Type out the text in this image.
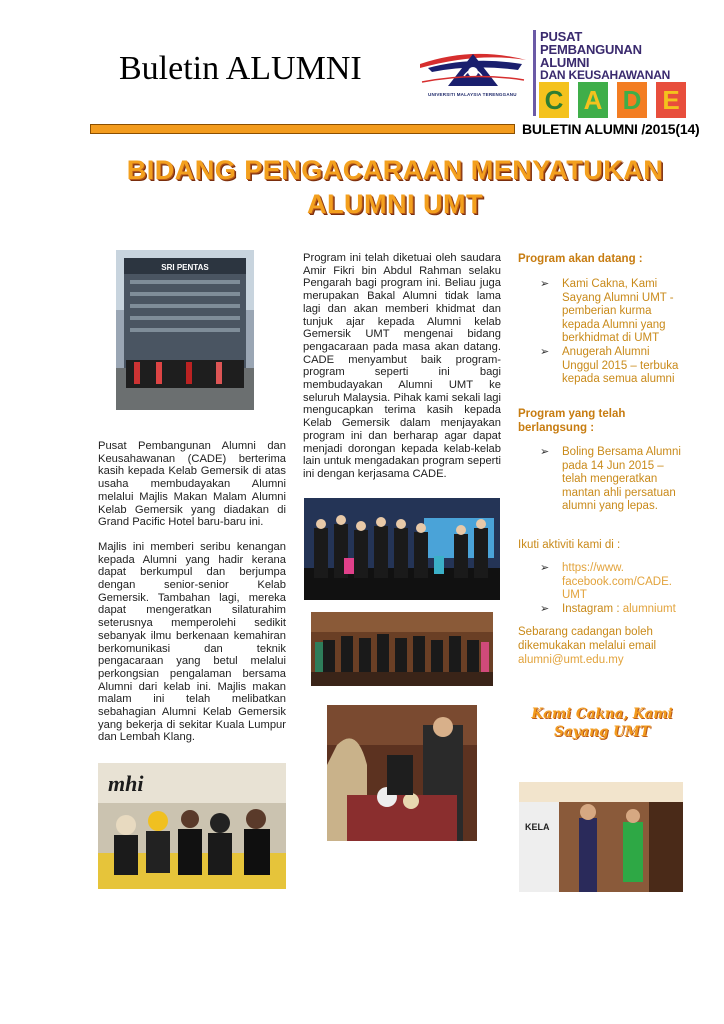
Buletin ALUMNI
UNIVERSITI MALAYSIA TERENGGANU
PUSAT
PEMBANGUNAN
ALUMNI
DAN KEUSAHAWANAN
C A D E
BULETIN ALUMNI /2015(14)
BIDANG PENGACARAAN MENYATUKAN
ALUMNI UMT
SRI PENTAS

Pusat Pembangunan Alumni dan Keusahawanan (CADE) berterima kasih kepada Kelab Gemersik di atas usaha membudayakan Alumni melalui Majlis Makan Malam Alumni Kelab Gemersik yang diadakan di Grand Pacific Hotel baru-baru ini.

Majlis ini memberi seribu kenangan kepada Alumni yang hadir kerana dapat berkumpul dan berjumpa dengan senior-senior Kelab Gemersik. Tambahan lagi, mereka dapat mengeratkan silaturahim seterusnya memperolehi sedikit sebanyak ilmu berkenaan kemahiran berkomunikasi dan teknik pengacaraan yang betul melalui perkongsian pengalaman bersama Alumni dari kelab ini. Majlis makan malam ini telah melibatkan sebahagian Alumni Kelab Gemersik yang bekerja di sekitar Kuala Lumpur dan Lembah Klang.

mhi

Program ini telah diketuai oleh saudara Amir Fikri bin Abdul Rahman selaku Pengarah bagi program ini. Beliau juga merupakan Bakal Alumni tidak lama lagi dan akan memberi khidmat dan tunjuk ajar kepada Alumni kelab Gemersik UMT mengenai bidang pengacaraan pada masa akan datang. CADE menyambut baik program-program seperti ini bagi membudayakan Alumni UMT ke seluruh Malaysia. Pihak kami sekali lagi mengucapkan terima kasih kepada Kelab Gemersik dalam menjayakan program ini dan berharap agar dapat menjadi dorongan kepada kelab-kelab lain untuk mengadakan program seperti ini dengan kerjasama CADE.

Program akan datang :
➢ Kami Cakna, Kami Sayang Alumni UMT - pemberian kurma kepada Alumni yang berkhidmat di UMT
➢ Anugerah Alumni Unggul 2015 – terbuka kepada semua alumni
Program yang telah berlangsung :
➢ Boling Bersama Alumni pada 14 Jun 2015 – telah mengeratkan mantan ahli persatuan alumni yang lepas.
Ikuti aktiviti kami di :
➢ https://www. facebook.com/CADE. UMT
➢ Instagram : alumniumt
Sebarang cadangan boleh dikemukakan melalui email
alumni@umt.edu.my
Kami Cakna, Kami
Sayang UMT
KELA
